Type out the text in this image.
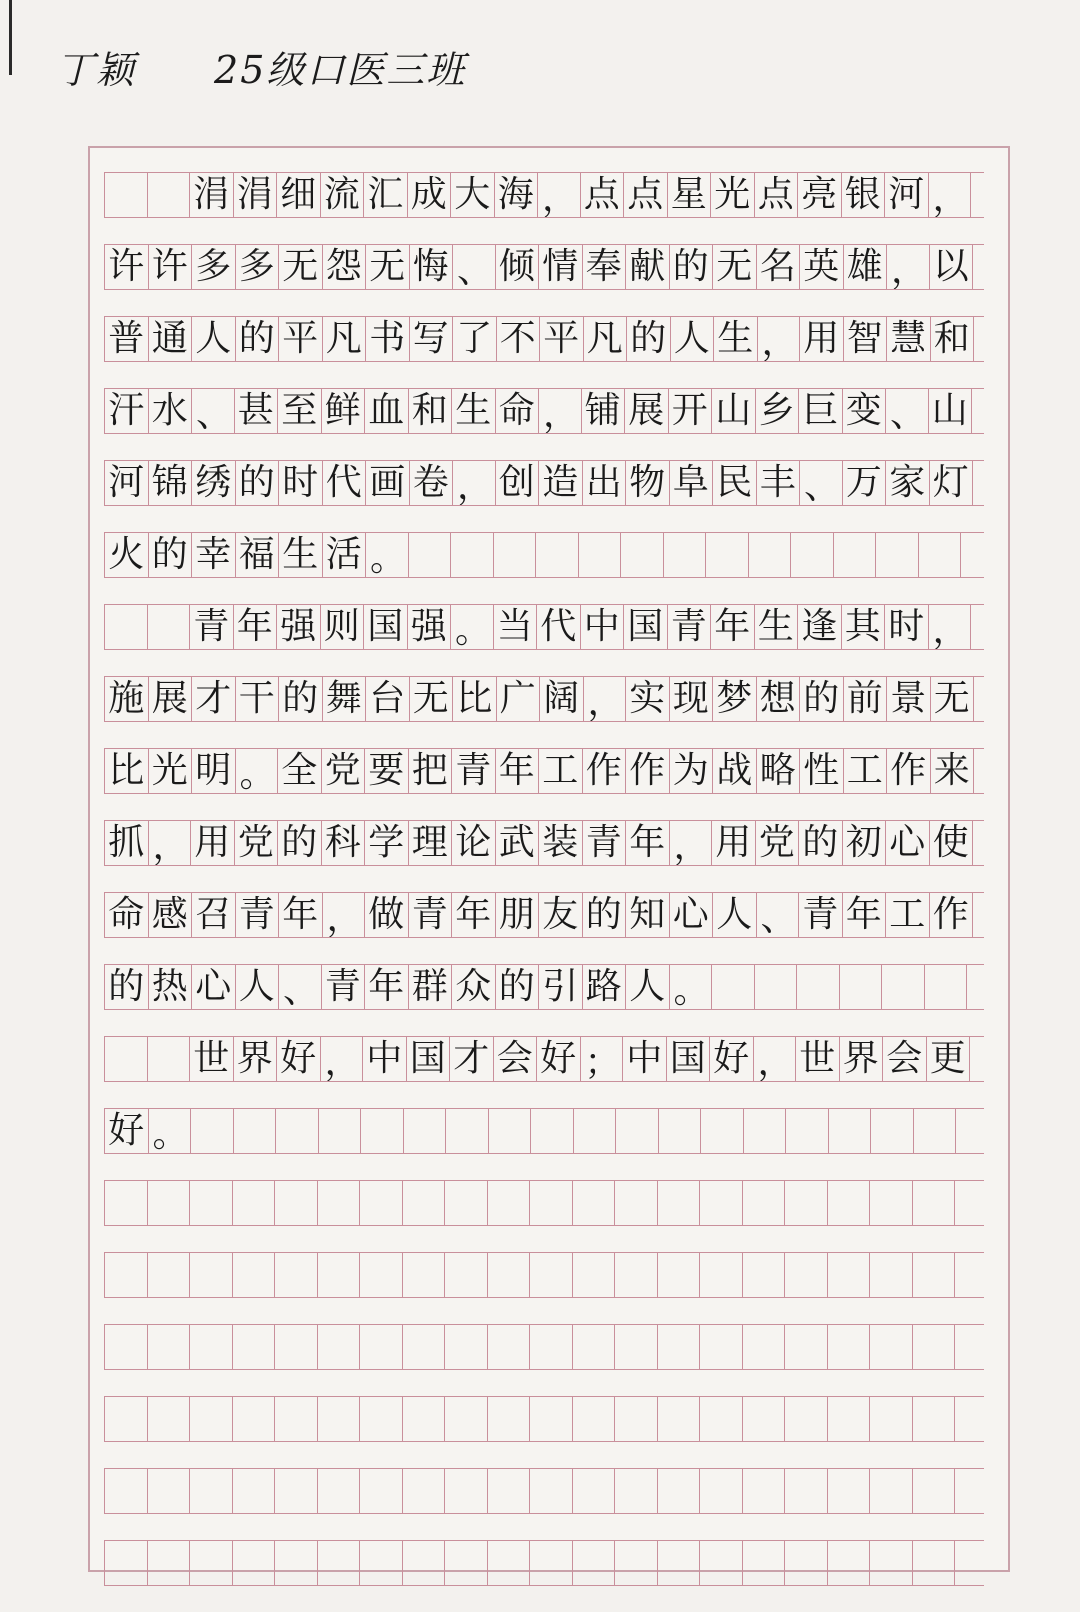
丁颖 25级口医三班
涓 涓 细 流 汇 成 大 海 ， 点 点 星 光 点 亮 银 河 ，
许 许 多 多 无 怨 无 悔 、 倾 情 奉 献 的 无 名 英 雄 ， 以
普 通 人 的 平 凡 书 写 了 不 平 凡 的 人 生 ， 用 智 慧 和
汗 水 、 甚 至 鲜 血 和 生 命 ， 铺 展 开 山 乡 巨 变 、 山
河 锦 绣 的 时 代 画 卷 ， 创 造 出 物 阜 民 丰 、 万 家 灯
火 的 幸 福 生 活 。
青 年 强 则 国 强 。 当 代 中 国 青 年 生 逢 其 时 ，
施 展 才 干 的 舞 台 无 比 广 阔 ， 实 现 梦 想 的 前 景 无
比 光 明 。 全 党 要 把 青 年 工 作 作 为 战 略 性 工 作 来
抓 ， 用 党 的 科 学 理 论 武 装 青 年 ， 用 党 的 初 心 使
命 感 召 青 年 ， 做 青 年 朋 友 的 知 心 人 、 青 年 工 作
的 热 心 人 、 青 年 群 众 的 引 路 人 。
世 界 好 ， 中 国 才 会 好 ； 中 国 好 ， 世 界 会 更
好 。
